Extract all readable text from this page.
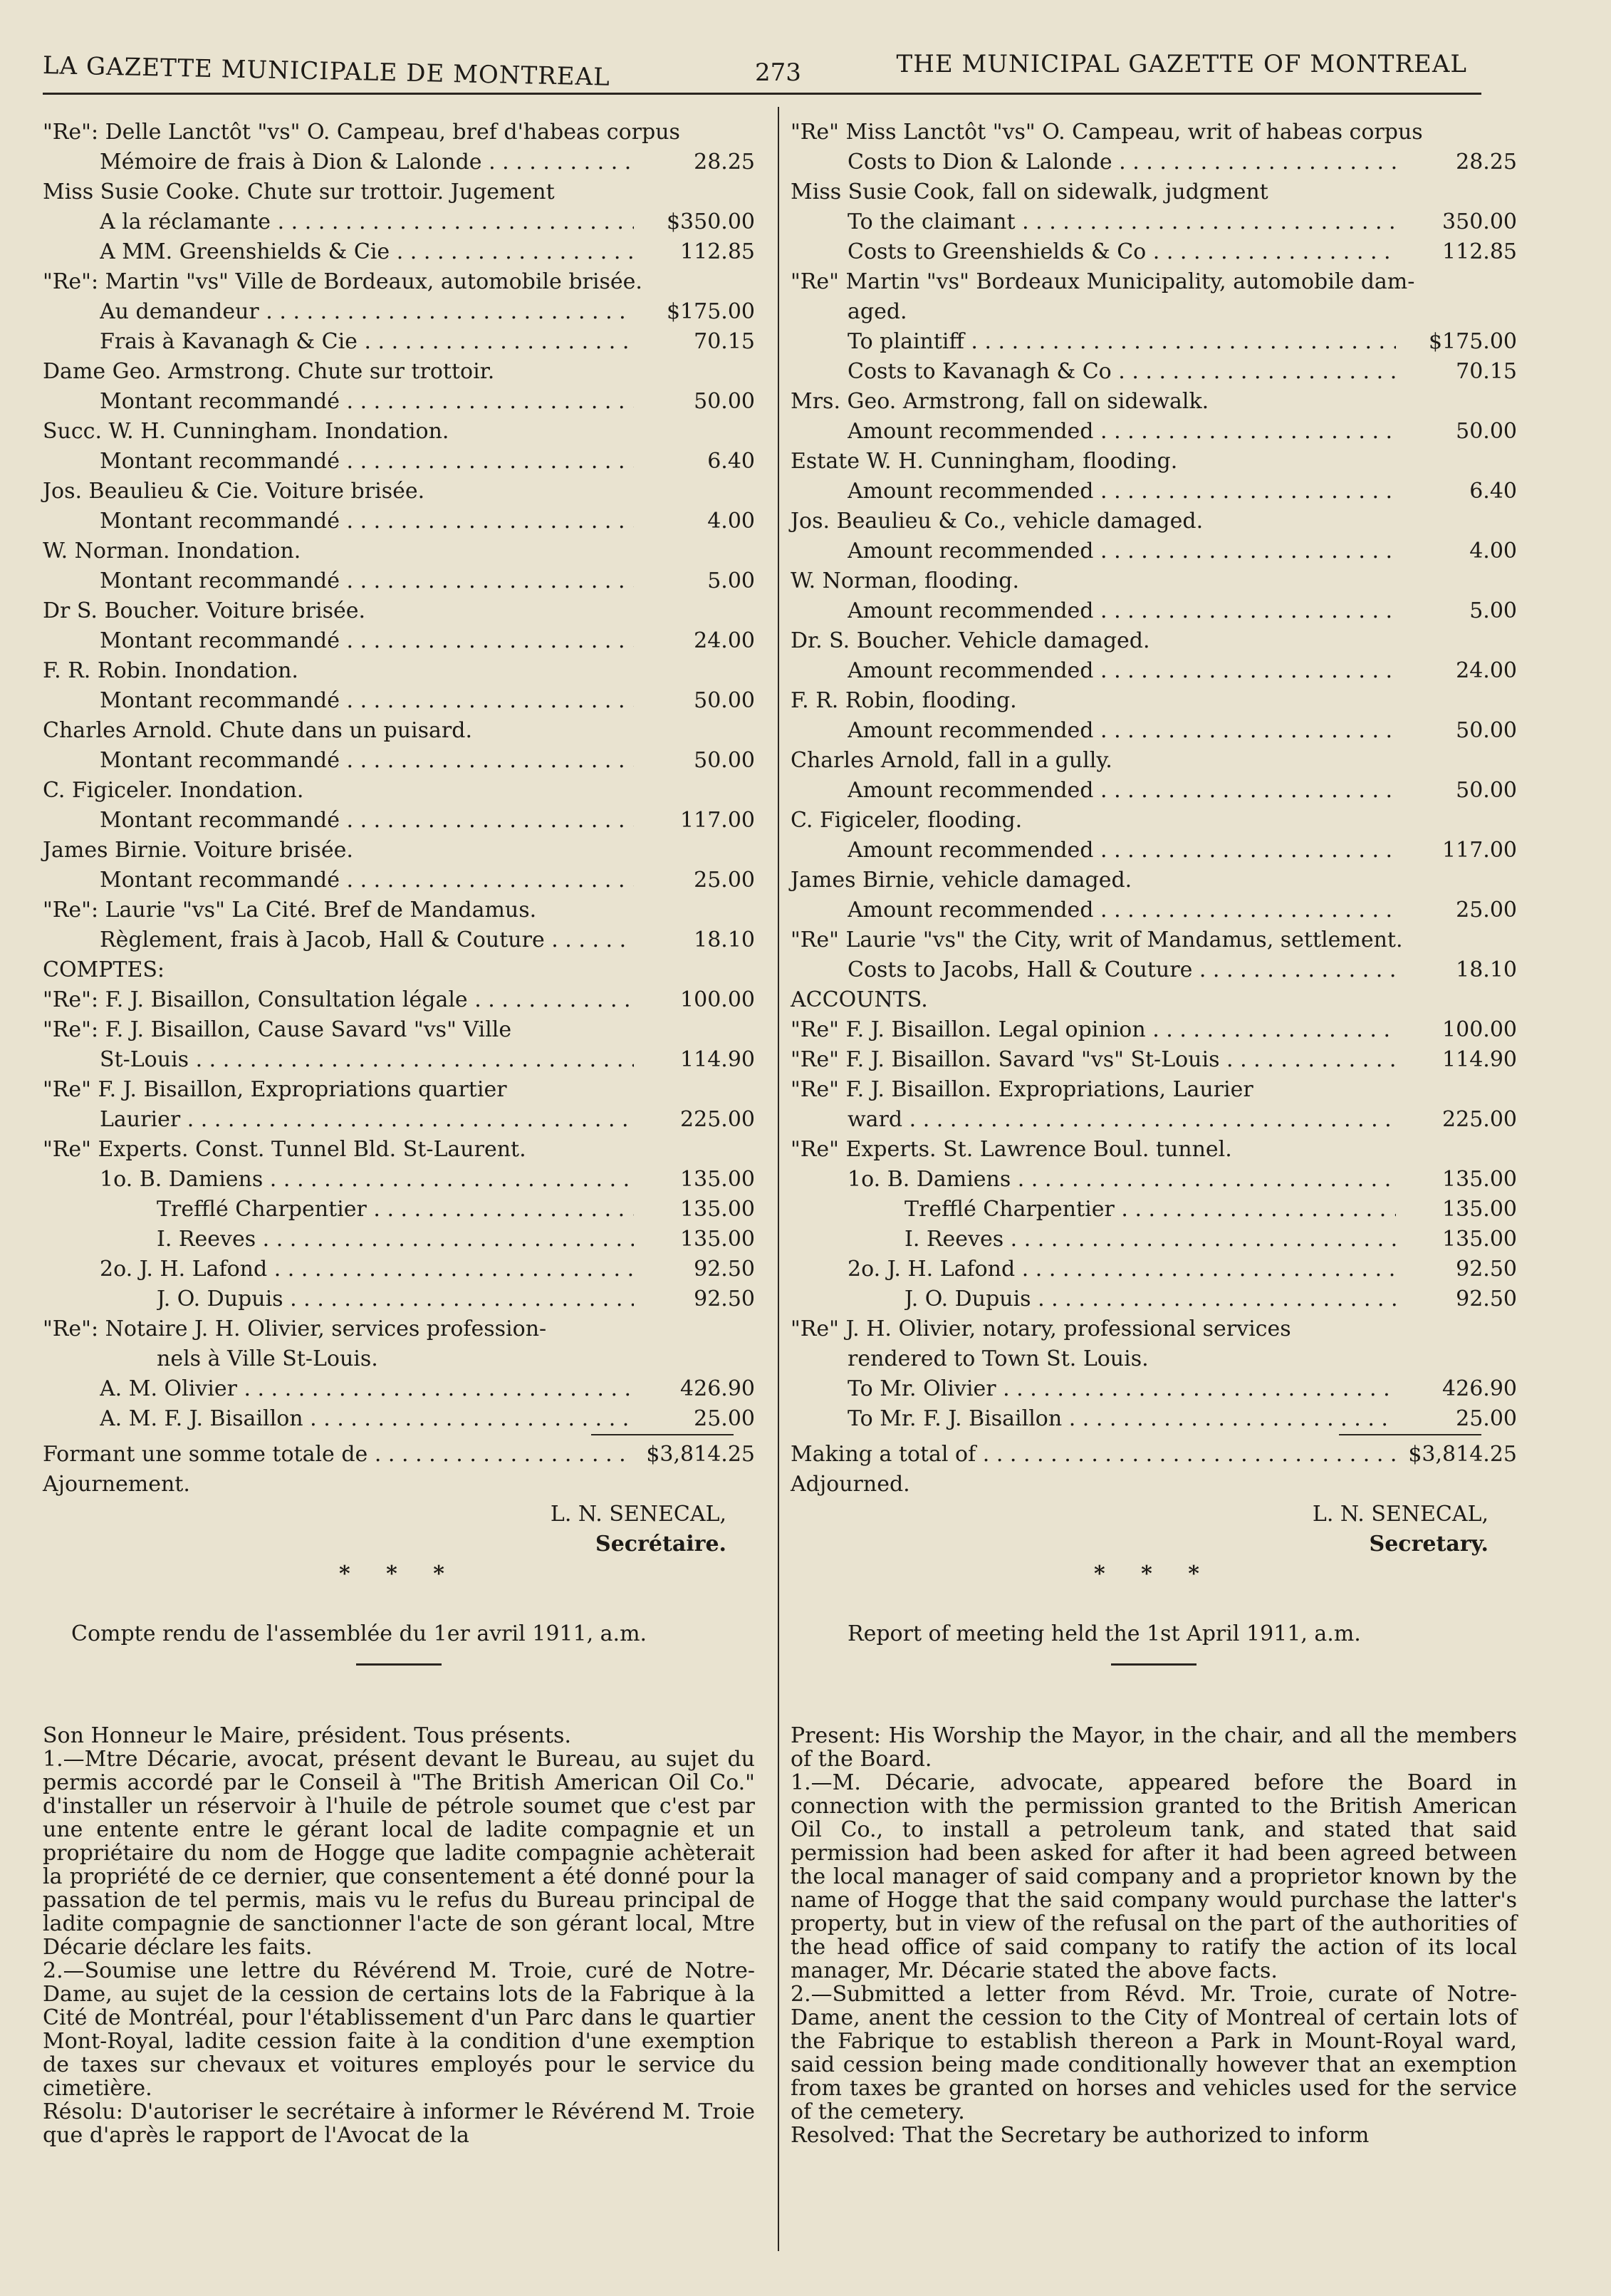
LA GAZETTE MUNICIPALE DE MONTREAL	273	THE MUNICIPAL GAZETTE OF MONTREAL
"Re": Delle Lanctôt "vs" O. Campeau, bref d'habeas corpus
Mémoire de frais à Dion & Lalonde . . .	28.25
Miss Susie Cooke. Chute sur trottoir. Jugement
A la réclamante . . .	$350.00
A MM. Greenshields & Cie . . .	112.85
"Re": Martin "vs" Ville de Bordeaux, automobile brisée.
Au demandeur . . .	$175.00
Frais à Kavanagh & Cie . . .	70.15
Dame Geo. Armstrong. Chute sur trottoir.
Montant recommandé . . .	50.00
Succ. W. H. Cunningham. Inondation.
Montant recommandé . . .	6.40
Jos. Beaulieu & Cie. Voiture brisée.
Montant recommandé . . .	4.00
W. Norman. Inondation.
Montant recommandé . . .	5.00
Dr S. Boucher. Voiture brisée.
Montant recommandé . . .	24.00
F. R. Robin. Inondation.
Montant recommandé . . .	50.00
Charles Arnold. Chute dans un puisard.
Montant recommandé . . .	50.00
C. Figiceler. Inondation.
Montant recommandé . . .	117.00
James Birnie. Voiture brisée.
Montant recommandé . . .	25.00
"Re": Laurie "vs" La Cité. Bref de Mandamus.
Règlement, frais à Jacob, Hall & Couture . . .	18.10
COMPTES:
"Re": F. J. Bisaillon, Consultation légale . . .	100.00
"Re": F. J. Bisaillon, Cause Savard "vs" Ville
St-Louis . . .	114.90
"Re" F. J. Bisaillon, Expropriations quartier
Laurier . . .	225.00
"Re" Experts. Const. Tunnel Bld. St-Laurent.
1o. B. Damiens . . .	135.00
Trefflé Charpentier . . .	135.00
I. Reeves . . .	135.00
2o. J. H. Lafond . . .	92.50
J. O. Dupuis . . .	92.50
"Re": Notaire J. H. Olivier, services profession-
nels à Ville St-Louis.
A. M. Olivier . . .	426.90
A. M. F. J. Bisaillon . . .	25.00
Formant une somme totale de . . .	$3,814.25
Ajournement.
L. N. SENECAL,
Secrétaire.
* * *
Compte rendu de l'assemblée du 1er avril 1911, a.m.
Son Honneur le Maire, président. Tous présents.
1.—Mtre Décarie, avocat, présent devant le Bureau, au sujet du permis accordé par le Conseil à "The British American Oil Co." d'installer un réservoir à l'huile de pétrole soumet que c'est par une entente entre le gérant local de ladite compagnie et un propriétaire du nom de Hogge que ladite compagnie achèterait la propriété de ce dernier, que consentement a été donné pour la passation de tel permis, mais vu le refus du Bureau principal de ladite compagnie de sanctionner l'acte de son gérant local, Mtre Décarie déclare les faits.
2.—Soumise une lettre du Révérend M. Troie, curé de Notre-Dame, au sujet de la cession de certains lots de la Fabrique à la Cité de Montréal, pour l'établissement d'un Parc dans le quartier Mont-Royal, ladite cession faite à la condition d'une exemption de taxes sur chevaux et voitures employés pour le service du cimetière.
Résolu: D'autoriser le secrétaire à informer le Révérend M. Troie que d'après le rapport de l'Avocat de la
"Re" Miss Lanctôt "vs" O. Campeau, writ of habeas corpus
Costs to Dion & Lalonde . . .	28.25
Miss Susie Cook, fall on sidewalk, judgment
To the claimant . . .	350.00
Costs to Greenshields & Co . . .	112.85
"Re" Martin "vs" Bordeaux Municipality, automobile dam-
aged.
To plaintiff . . .	$175.00
Costs to Kavanagh & Co . . .	70.15
Mrs. Geo. Armstrong, fall on sidewalk.
Amount recommended . . .	50.00
Estate W. H. Cunningham, flooding.
Amount recommended . . .	6.40
Jos. Beaulieu & Co., vehicle damaged.
Amount recommended . . .	4.00
W. Norman, flooding.
Amount recommended . . .	5.00
Dr. S. Boucher. Vehicle damaged.
Amount recommended . . .	24.00
F. R. Robin, flooding.
Amount recommended . . .	50.00
Charles Arnold, fall in a gully.
Amount recommended . . .	50.00
C. Figiceler, flooding.
Amount recommended . . .	117.00
James Birnie, vehicle damaged.
Amount recommended . . .	25.00
"Re" Laurie "vs" the City, writ of Mandamus, settlement.
Costs to Jacobs, Hall & Couture . . .	18.10
ACCOUNTS.
"Re" F. J. Bisaillon. Legal opinion . . .	100.00
"Re" F. J. Bisaillon. Savard "vs" St-Louis . . .	114.90
"Re" F. J. Bisaillon. Expropriations, Laurier
ward . . .	225.00
"Re" Experts. St. Lawrence Boul. tunnel.
1o. B. Damiens . . .	135.00
Trefflé Charpentier . . .	135.00
I. Reeves . . .	135.00
2o. J. H. Lafond . . .	92.50
J. O. Dupuis . . .	92.50
"Re" J. H. Olivier, notary, professional services
rendered to Town St. Louis.
To Mr. Olivier . . .	426.90
To Mr. F. J. Bisaillon . . .	25.00
Making a total of . . .	$3,814.25
Adjourned.
L. N. SENECAL,
Secretary.
* * *
Report of meeting held the 1st April 1911, a.m.
Present: His Worship the Mayor, in the chair, and all the members of the Board.
1.—M. Décarie, advocate, appeared before the Board in connection with the permission granted to the British American Oil Co., to install a petroleum tank, and stated that said permission had been asked for after it had been agreed between the local manager of said company and a proprietor known by the name of Hogge that the said company would purchase the latter's property, but in view of the refusal on the part of the authorities of the head office of said company to ratify the action of its local manager, Mr. Décarie stated the above facts.
2.—Submitted a letter from Révd. Mr. Troie, curate of Notre-Dame, anent the cession to the City of Montreal of certain lots of the Fabrique to establish thereon a Park in Mount-Royal ward, said cession being made conditionally however that an exemption from taxes be granted on horses and vehicles used for the service of the cemetery.
Resolved: That the Secretary be authorized to inform
